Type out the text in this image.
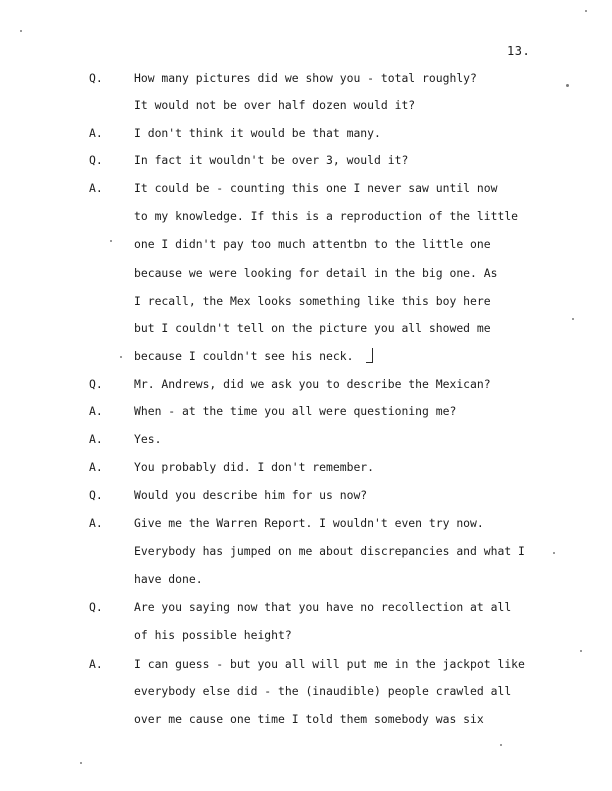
13.
Q.	How many pictures did we show you - total roughly?
It would not be over half dozen would it?
A.	I don't think it would be that many.
Q.	In fact it wouldn't be over 3, would it?
A.	It could be - counting this one I never saw until now
to my knowledge. If this is a reproduction of the little
one I didn't pay too much attentbn to the little one
because we were looking for detail in the big one. As
I recall, the Mex looks something like this boy here
but I couldn't tell on the picture you all showed me
because I couldn't see his neck.
Q.	Mr. Andrews, did we ask you to describe the Mexican?
A.	When - at the time you all were questioning me?
A.	Yes.
A.	You probably did. I don't remember.
Q.	Would you describe him for us now?
A.	Give me the Warren Report. I wouldn't even try now.
Everybody has jumped on me about discrepancies and what I
have done.
Q.	Are you saying now that you have no recollection at all
of his possible height?
A.	I can guess - but you all will put me in the jackpot like
everybody else did - the (inaudible) people crawled all
over me cause one time I told them somebody was six
